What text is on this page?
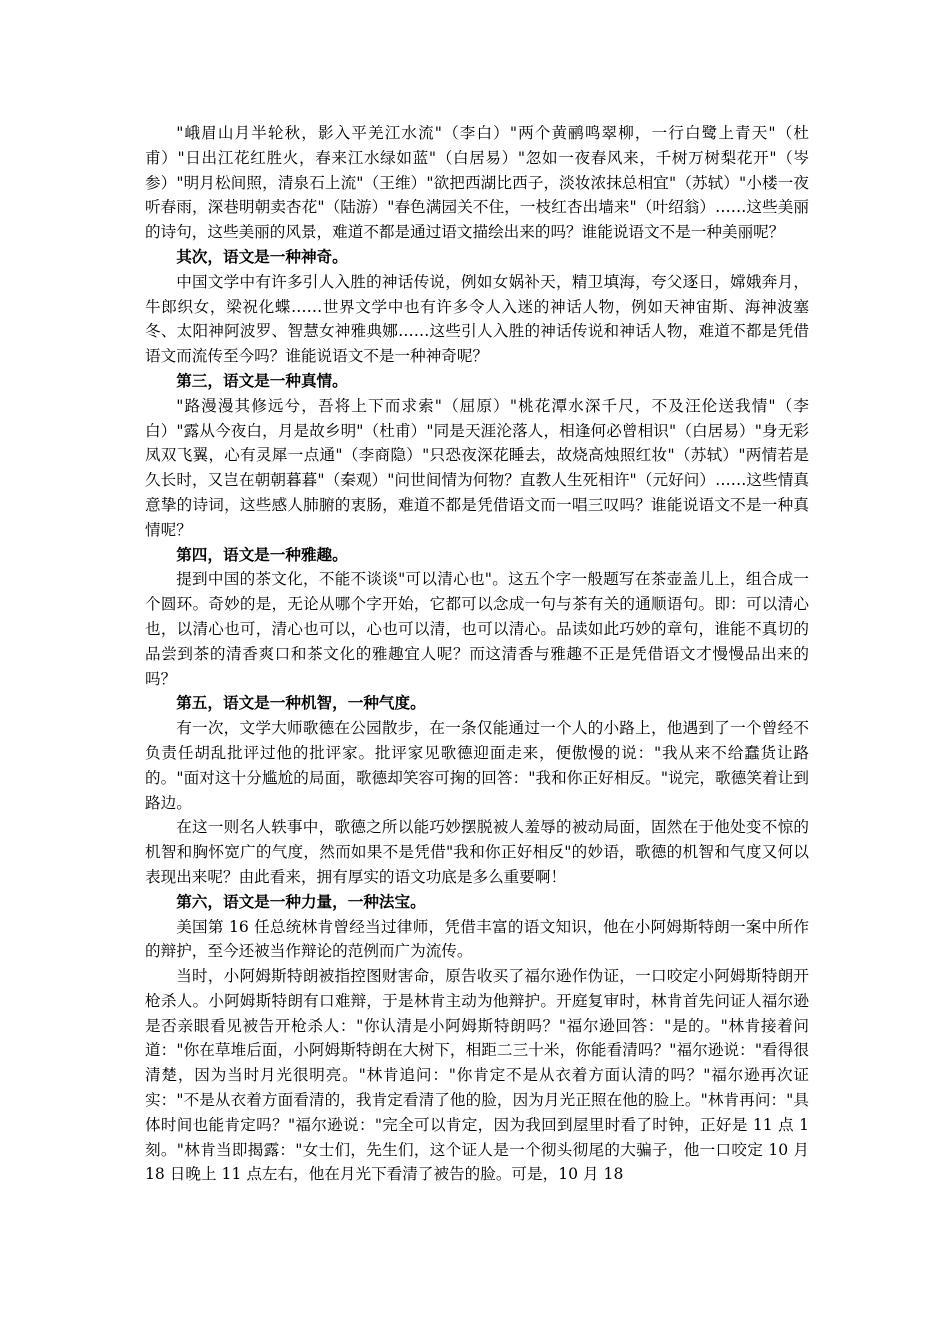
"峨眉山月半轮秋，影入平羌江水流"（李白）"两个黄鹂鸣翠柳，一行白鹭上青天"（杜甫）"日出江花红胜火，春来江水绿如蓝"（白居易）"忽如一夜春风来，千树万树梨花开"（岑参）"明月松间照，清泉石上流"（王维）"欲把西湖比西子，淡妆浓抹总相宜"（苏轼）"小楼一夜听春雨，深巷明朝卖杏花"（陆游）"春色满园关不住，一枝红杏出墙来"（叶绍翁）……这些美丽的诗句，这些美丽的风景，难道不都是通过语文描绘出来的吗？谁能说语文不是一种美丽呢？

其次，语文是一种神奇。

中国文学中有许多引人入胜的神话传说，例如女娲补天，精卫填海，夸父逐日，嫦娥奔月，牛郎织女，梁祝化蝶……世界文学中也有许多令人入迷的神话人物，例如天神宙斯、海神波塞冬、太阳神阿波罗、智慧女神雅典娜……这些引人入胜的神话传说和神话人物，难道不都是凭借语文而流传至今吗？谁能说语文不是一种神奇呢？

第三，语文是一种真情。

"路漫漫其修远兮，吾将上下而求索"（屈原）"桃花潭水深千尺，不及汪伦送我情"（李白）"露从今夜白，月是故乡明"（杜甫）"同是天涯沦落人，相逢何必曾相识"（白居易）"身无彩凤双飞翼，心有灵犀一点通"（李商隐）"只恐夜深花睡去，故烧高烛照红妆"（苏轼）"两情若是久长时，又岂在朝朝暮暮"（秦观）"问世间情为何物？直教人生死相许"（元好问）……这些情真意挚的诗词，这些感人肺腑的衷肠，难道不都是凭借语文而一唱三叹吗？谁能说语文不是一种真情呢？

第四，语文是一种雅趣。

提到中国的茶文化，不能不谈谈"可以清心也"。这五个字一般题写在茶壶盖儿上，组合成一个圆环。奇妙的是，无论从哪个字开始，它都可以念成一句与茶有关的通顺语句。即：可以清心也，以清心也可，清心也可以，心也可以清，也可以清心。品读如此巧妙的章句，谁能不真切的品尝到茶的清香爽口和茶文化的雅趣宜人呢？而这清香与雅趣不正是凭借语文才慢慢品出来的吗？

第五，语文是一种机智，一种气度。

有一次，文学大师歌德在公园散步，在一条仅能通过一个人的小路上，他遇到了一个曾经不负责任胡乱批评过他的批评家。批评家见歌德迎面走来，便傲慢的说："我从来不给蠢货让路的。"面对这十分尴尬的局面，歌德却笑容可掬的回答："我和你正好相反。"说完，歌德笑着让到路边。

在这一则名人轶事中，歌德之所以能巧妙摆脱被人羞辱的被动局面，固然在于他处变不惊的机智和胸怀宽广的气度，然而如果不是凭借"我和你正好相反"的妙语，歌德的机智和气度又何以表现出来呢？由此看来，拥有厚实的语文功底是多么重要啊！

第六，语文是一种力量，一种法宝。

美国第 16 任总统林肯曾经当过律师，凭借丰富的语文知识，他在小阿姆斯特朗一案中所作的辩护，至今还被当作辩论的范例而广为流传。

当时，小阿姆斯特朗被指控图财害命，原告收买了福尔逊作伪证，一口咬定小阿姆斯特朗开枪杀人。小阿姆斯特朗有口难辩，于是林肯主动为他辩护。开庭复审时，林肯首先问证人福尔逊是否亲眼看见被告开枪杀人："你认清是小阿姆斯特朗吗？"福尔逊回答："是的。"林肯接着问道："你在草堆后面，小阿姆斯特朗在大树下，相距二三十米，你能看清吗？"福尔逊说："看得很清楚，因为当时月光很明亮。"林肯追问："你肯定不是从衣着方面认清的吗？"福尔逊再次证实："不是从衣着方面看清的，我肯定看清了他的脸，因为月光正照在他的脸上。"林肯再问："具体时间也能肯定吗？"福尔逊说："完全可以肯定，因为我回到屋里时看了时钟，正好是 11 点 1 刻。"林肯当即揭露："女士们，先生们，这个证人是一个彻头彻尾的大骗子，他一口咬定 10 月 18 日晚上 11 点左右，他在月光下看清了被告的脸。可是，10 月 18
